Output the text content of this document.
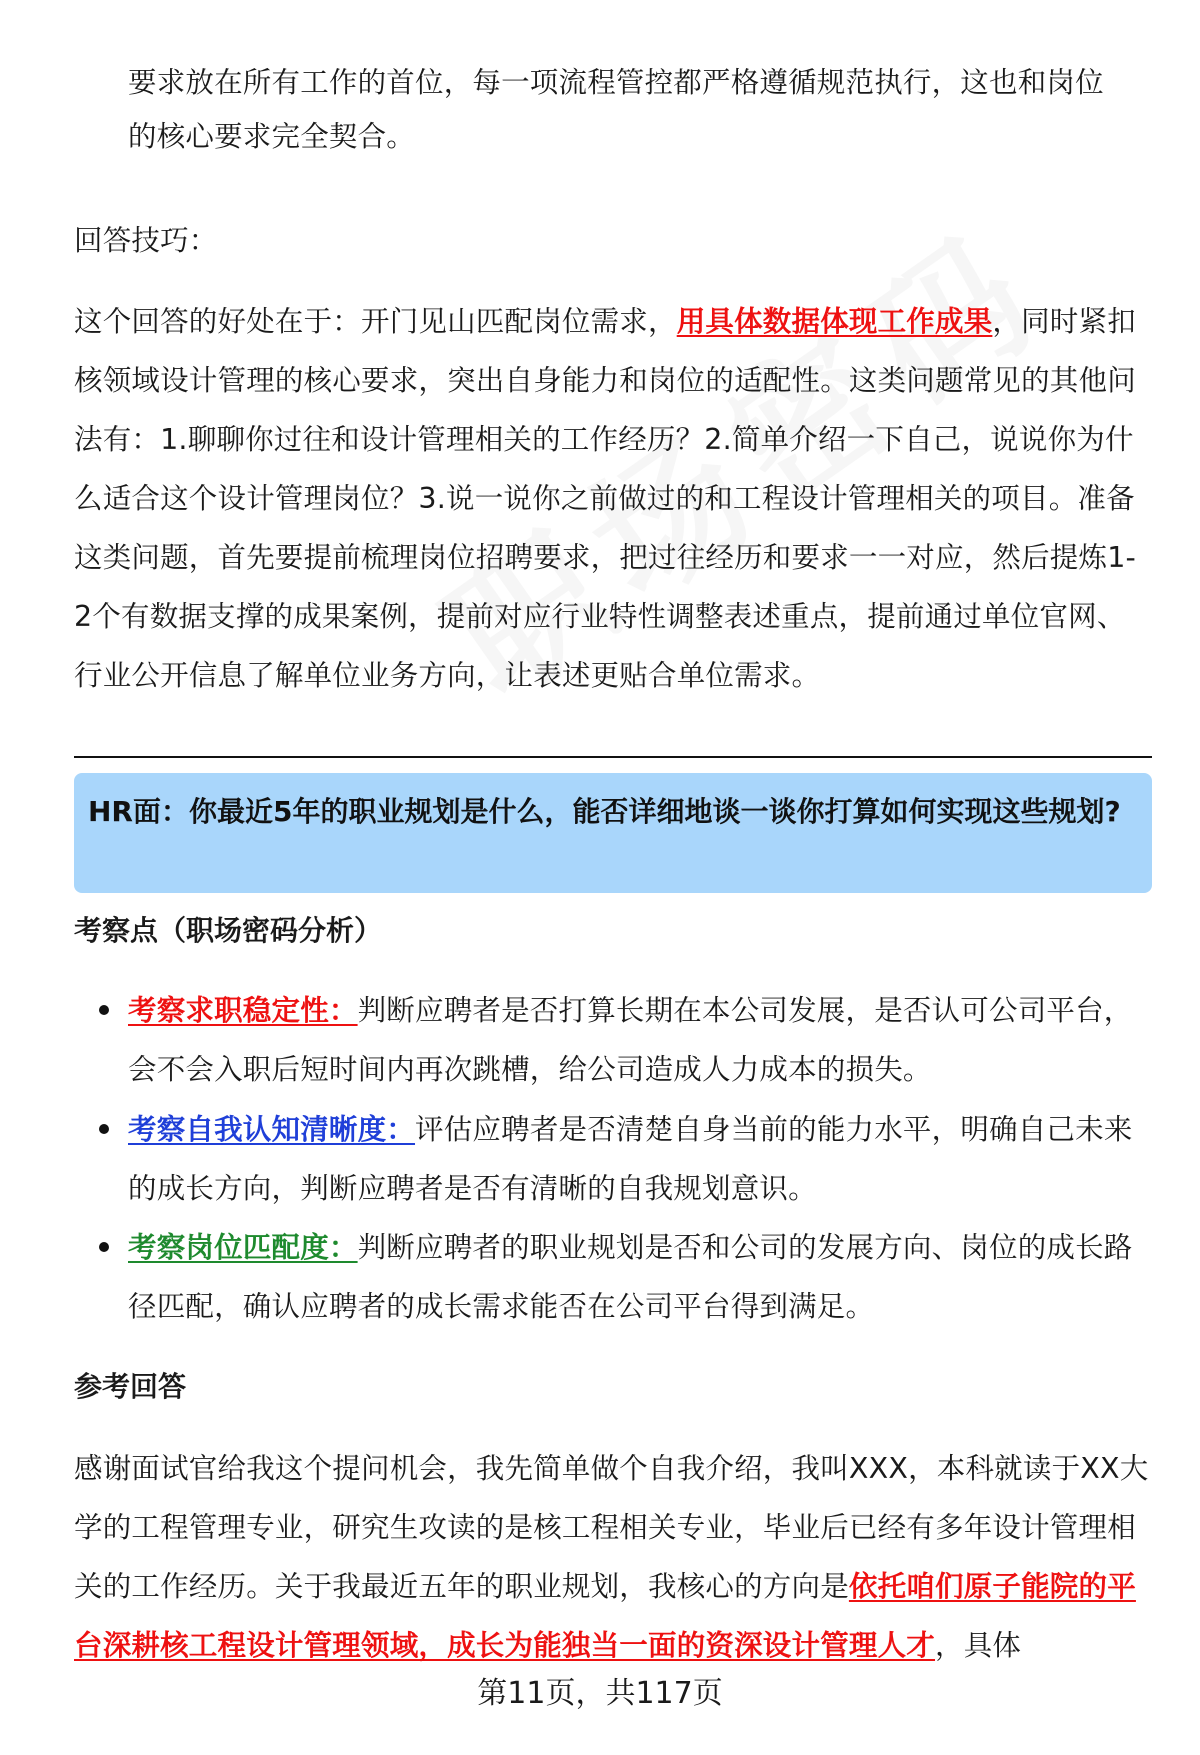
要求放在所有工作的首位，每一项流程管控都严格遵循规范执行，这也和岗位

的核心要求完全契合。

回答技巧：

这个回答的好处在于：开门见山匹配岗位需求，用具体数据体现工作成果，同时紧扣核领域设计管理的核心要求，突出自身能力和岗位的适配性。这类问题常见的其他问法有：1.聊聊你过往和设计管理相关的工作经历？2.简单介绍一下自己，说说你为什么适合这个设计管理岗位？3.说一说你之前做过的和工程设计管理相关的项目。准备这类问题，首先要提前梳理岗位招聘要求，把过往经历和要求一一对应，然后提炼1-2个有数据支撑的成果案例，提前对应行业特性调整表述重点，提前通过单位官网、行业公开信息了解单位业务方向，让表述更贴合单位需求。

HR面：你最近5年的职业规划是什么，能否详细地谈一谈你打算如何实现这些规划?

考察点（职场密码分析）

考察求职稳定性：判断应聘者是否打算长期在本公司发展，是否认可公司平台，会不会入职后短时间内再次跳槽，给公司造成人力成本的损失。

考察自我认知清晰度：评估应聘者是否清楚自身当前的能力水平，明确自己未来的成长方向，判断应聘者是否有清晰的自我规划意识。

考察岗位匹配度：判断应聘者的职业规划是否和公司的发展方向、岗位的成长路径匹配，确认应聘者的成长需求能否在公司平台得到满足。

参考回答

感谢面试官给我这个提问机会，我先简单做个自我介绍，我叫XXX，本科就读于XX大学的工程管理专业，研究生攻读的是核工程相关专业，毕业后已经有多年设计管理相关的工作经历。关于我最近五年的职业规划，我核心的方向是依托咱们原子能院的平台深耕核工程设计管理领域，成长为能独当一面的资深设计管理人才，具体

第11页，共117页
